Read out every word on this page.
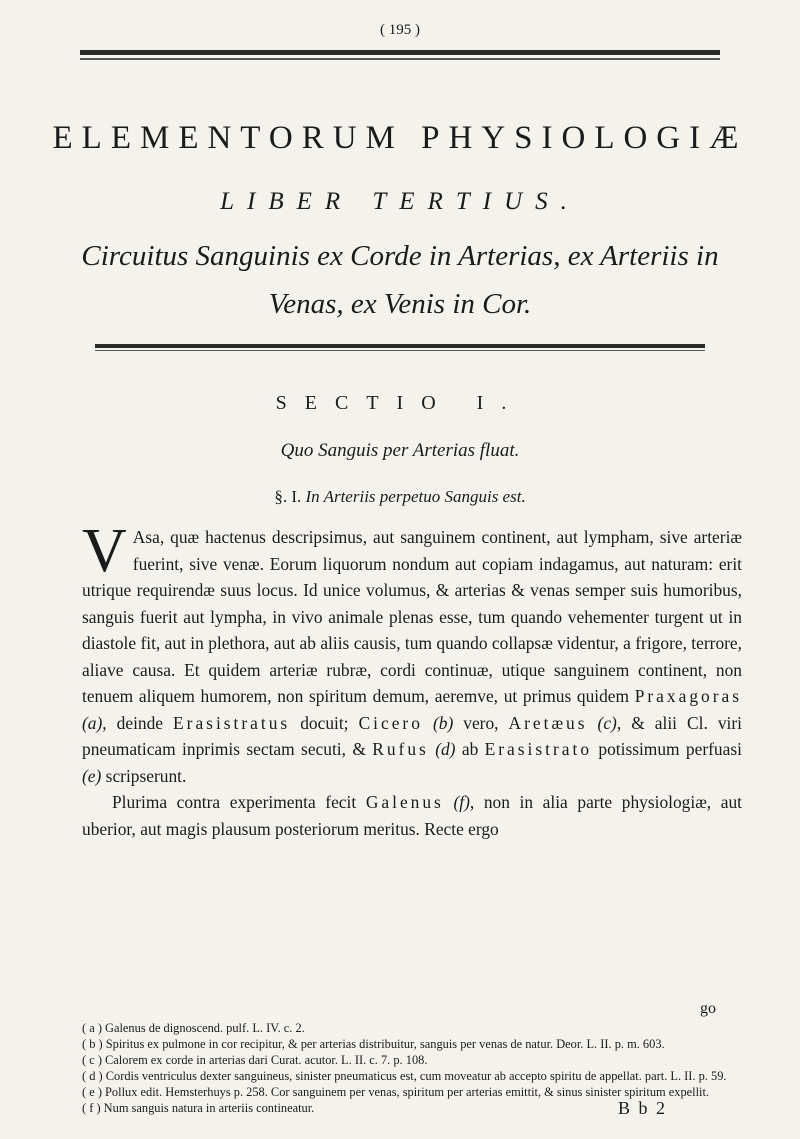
( 195 )
ELEMENTORUM PHYSIOLOGIÆ
LIBER TERTIUS.
Circuitus Sanguinis ex Corde in Arterias, ex Arteriis in
Venas, ex Venis in Cor.
SECTIO I.
Quo Sanguis per Arterias fluat.
§. I. In Arteriis perpetuo Sanguis est.

V Asa, quæ hactenus descripsimus, aut sanguinem continent, aut lympham, sive arteriæ fuerint, sive venæ. Eorum liquorum nondum aut copiam indagamus, aut naturam: erit utrique requirendæ suus locus. Id unice volumus, & arterias & venas semper suis humoribus, sanguis fuerit aut lympha, in vivo animale plenas esse, tum quando vehementer turgent ut in diastole fit, aut in plethora, aut ab aliis causis, tum quando collapsæ videntur, a frigore, terrore, aliave causa. Et quidem arteriæ rubræ, cordi continuæ, utique sanguinem continent, non tenuem aliquem humorem, non spiritum demum, aeremve, ut primus quidem Praxagoras (a), deinde Erasistratus docuit; Cicero (b) vero, Aretæus (c), & alii Cl. viri pneumaticam inprimis sectam secuti, & Rufus (d) ab Erasistrato potissimum perfuasi (e) scripserunt.

Plurima contra experimenta fecit Galenus (f), non in alia parte physiologiæ, aut uberior, aut magis plausum posteriorum meritus. Recte ergo

go

( a ) Galenus de dignoscend. pulf. L. IV. c. 2.

( b ) Spiritus ex pulmone in cor recipitur, & per arterias distribuitur, sanguis per venas de natur. Deor. L. II. p. m. 603.

( c ) Calorem ex corde in arterias dari Curat. acutor. L. II. c. 7. p. 108.

( d ) Cordis ventriculus dexter sanguineus, sinister pneumaticus est, cum moveatur ab accepto spiritu de appellat. part. L. II. p. 59.

( e ) Pollux edit. Hemsterhuys p. 258. Cor sanguinem per venas, spiritum per arterias emittit, & sinus sinister spiritum expellit.

( f ) Num sanguis natura in arteriis contineatur.	B b 2
